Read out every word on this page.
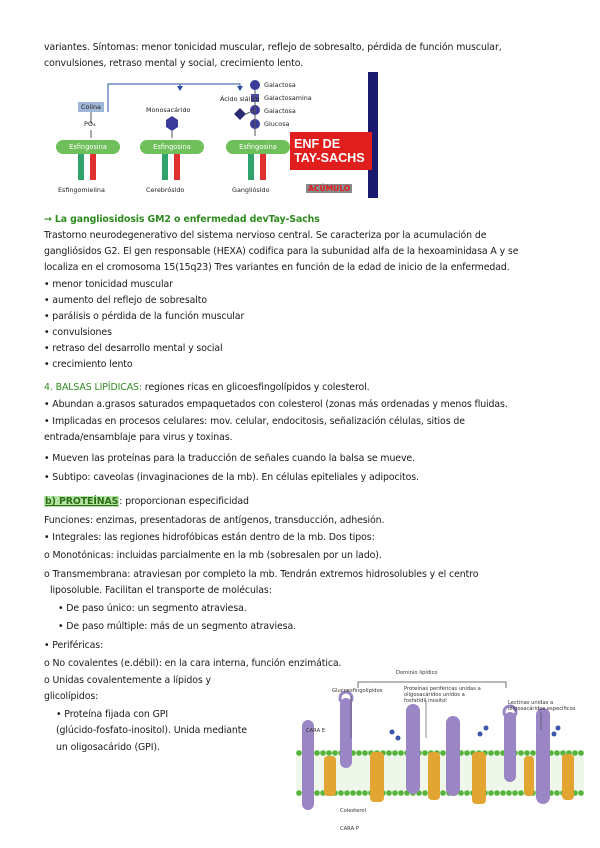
variantes. Síntomas: menor tonicidad muscular, reflejo de sobresalto, pérdida de función muscular,
convulsiones, retraso mental y social, crecimiento lento.
Colina
PO₄
Monosacárido
Ácido siálico
Galactosa
Galactosamina
Galactosa
Glucosa
Esfingosina	Esfingosina	Esfingosina
Esfingomielina	Cerebrósido	Gangliósido
ENF DE
TAY-SACHS
ACÚMULO
→ La gangliosidosis GM2 o enfermedad devTay-Sachs
Trastorno neurodegenerativo del sistema nervioso central. Se caracteriza por la acumulación de
gangliósidos G2. El gen responsable (HEXA) codifica para la subunidad alfa de la hexoaminidasa A y se
localiza en el cromosoma 15(15q23) Tres variantes en función de la edad de inicio de la enfermedad.
• menor tonicidad muscular
• aumento del reflejo de sobresalto
• parálisis o pérdida de la función muscular
• convulsiones
• retraso del desarrollo mental y social
• crecimiento lento
4. BALSAS LIPÍDICAS: regiones ricas en glicoesfingolípidos y colesterol.
• Abundan a.grasos saturados empaquetados con colesterol (zonas más ordenadas y menos fluidas.
• Implicadas en procesos celulares: mov. celular, endocitosis, señalización células, sitios de
entrada/ensamblaje para virus y toxinas.
• Mueven las proteínas para la traducción de señales cuando la balsa se mueve.
• Subtipo: caveolas (invaginaciones de la mb). En células epiteliales y adipocitos.
b) PROTEÍNAS: proporcionan especificidad
Funciones: enzimas, presentadoras de antígenos, transducción, adhesión.
• Integrales: las regiones hidrofóbicas están dentro de la mb. Dos tipos:
o Monotónicas: incluidas parcialmente en la mb (sobresalen por un lado).
o Transmembrana: atraviesan por completo la mb. Tendrán extremos hidrosolubles y el centro
liposoluble. Facilitan el transporte de moléculas:
• De paso único: un segmento atraviesa.
• De paso múltiple: más de un segmento atraviesa.
• Periféricas:
o No covalentes (e.débil): en la cara interna, función enzimática.
o Unidas covalentemente a lípidos y
glicolípidos:
• Proteína fijada con GPI
(glúcido-fosfato-inositol). Unida mediante
un oligosacárido (GPI).
Dominio lipídico
Glucoesfingolípidos	Proteínas periféricas unidas a oligosacáridos unidos a fosfatidil inositol	Lectinas unidas a oligosacáridos específicos
CARA E
Colesterol
CARA P
